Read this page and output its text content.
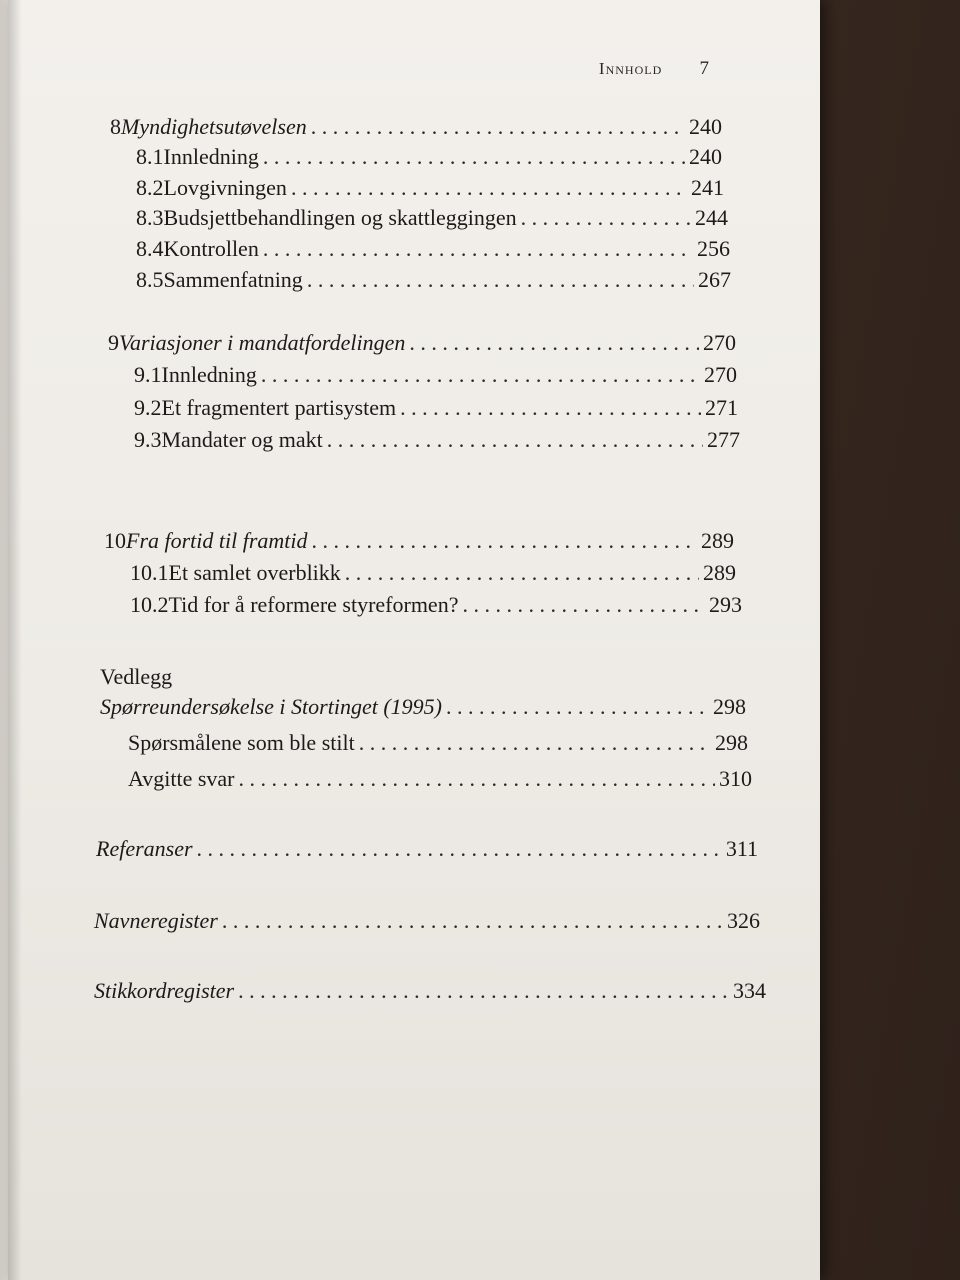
Innhold 7
8 Myndighetsutøvelsen . . .	240
8.1 Innledning . . .	240
8.2 Lovgivningen . . .	241
8.3 Budsjettbehandlingen og skattleggingen . . .	244
8.4 Kontrollen . . .	256
8.5 Sammenfatning . . .	267
9 Variasjoner i mandatfordelingen . . .	270
9.1 Innledning . . .	270
9.2 Et fragmentert partisystem . . .	271
9.3 Mandater og makt . . .	277
10 Fra fortid til framtid . . .	289
10.1 Et samlet overblikk . . .	289
10.2 Tid for å reformere styreformen? . . .	293
Vedlegg
Spørreundersøkelse i Stortinget (1995) . . .	298
Spørsmålene som ble stilt . . .	298
Avgitte svar . . .	310
Referanser . . .	311
Navneregister . . .	326
Stikkordregister . . .	334
